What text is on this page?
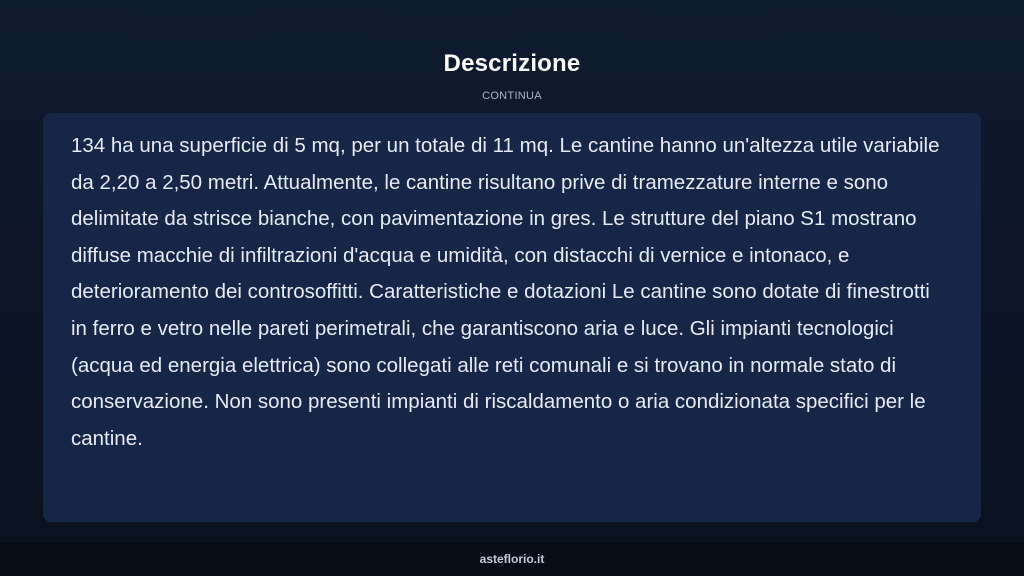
Descrizione
CONTINUA

134 ha una superficie di 5 mq, per un totale di 11 mq. Le cantine hanno un'altezza utile variabile da 2,20 a 2,50 metri. Attualmente, le cantine risultano prive di tramezzature interne e sono delimitate da strisce bianche, con pavimentazione in gres. Le strutture del piano S1 mostrano diffuse macchie di infiltrazioni d'acqua e umidità, con distacchi di vernice e intonaco, e deterioramento dei controsoffitti. Caratteristiche e dotazioni Le cantine sono dotate di finestrotti in ferro e vetro nelle pareti perimetrali, che garantiscono aria e luce. Gli impianti tecnologici (acqua ed energia elettrica) sono collegati alle reti comunali e si trovano in normale stato di conservazione. Non sono presenti impianti di riscaldamento o aria condizionata specifici per le cantine.

asteflorio.it
